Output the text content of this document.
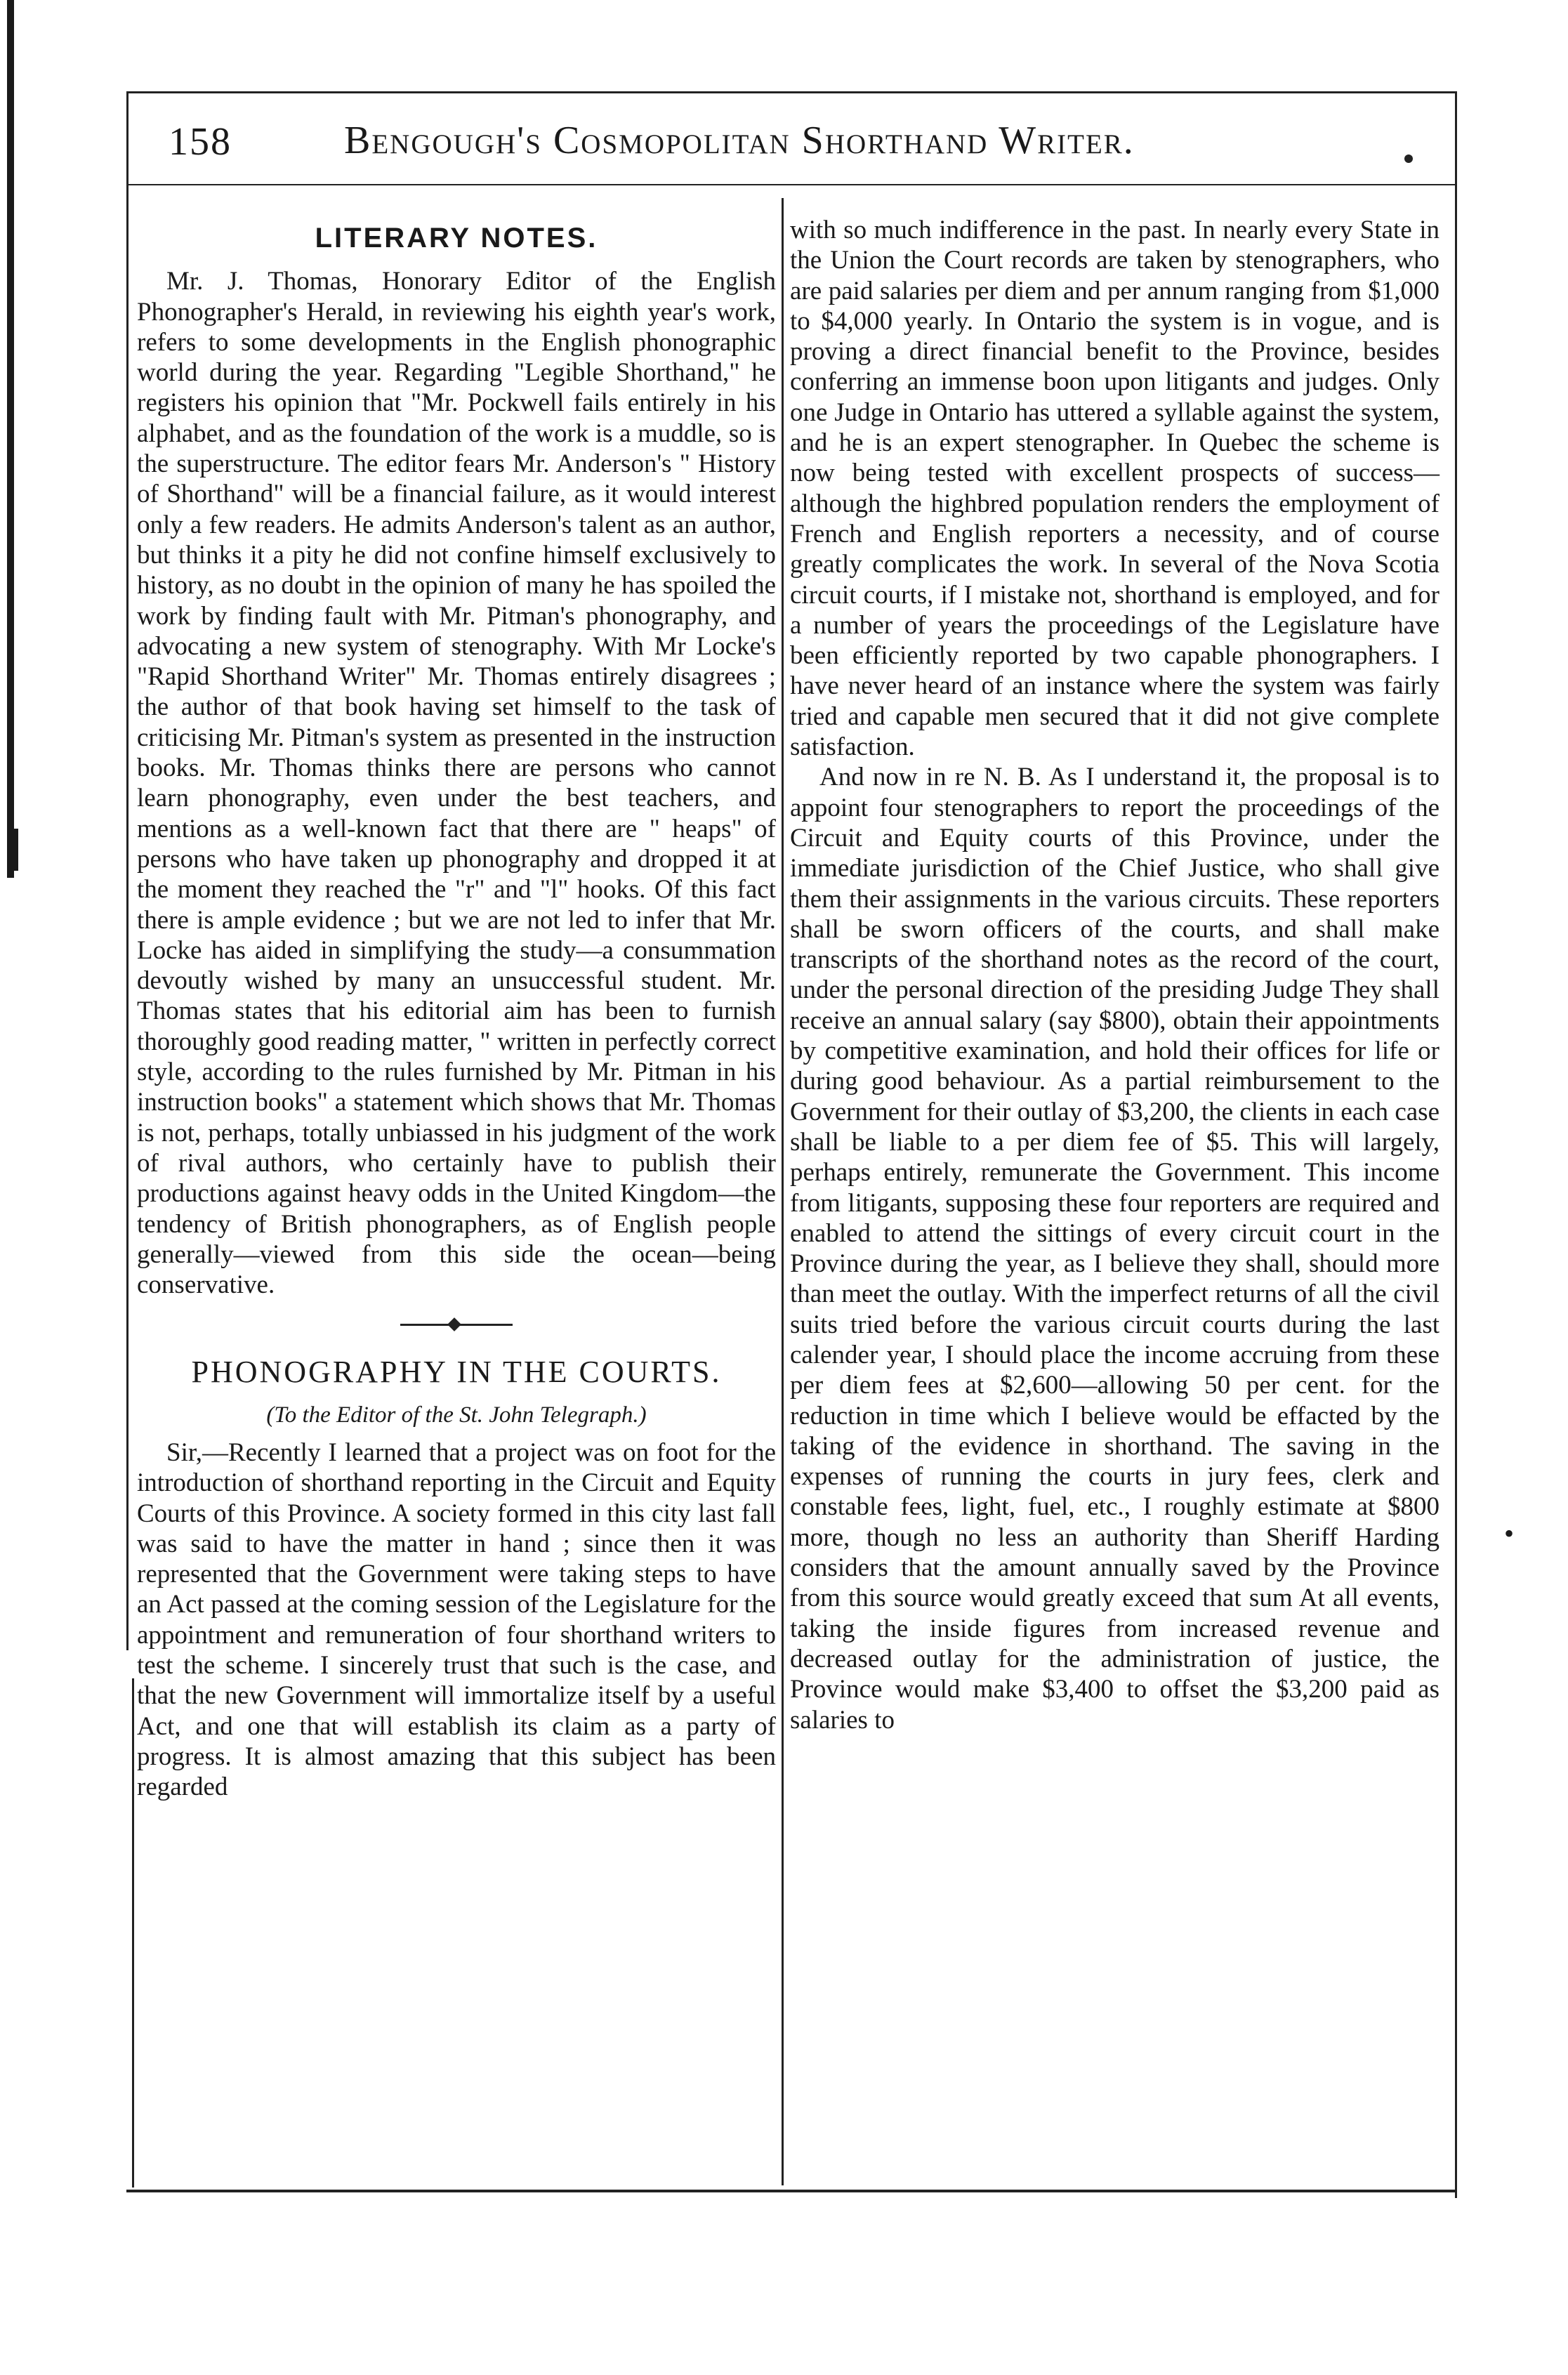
158	Bengough's Cosmopolitan Shorthand Writer.
LITERARY NOTES.

Mr. J. Thomas, Honorary Editor of the English Phonographer's Herald, in reviewing his eighth year's work, refers to some developments in the English phonographic world during the year. Regarding "Legible Shorthand," he registers his opinion that "Mr. Pockwell fails entirely in his alphabet, and as the foundation of the work is a muddle, so is the superstructure. The editor fears Mr. Anderson's " History of Shorthand" will be a financial failure, as it would interest only a few readers. He admits Anderson's talent as an author, but thinks it a pity he did not confine himself exclusively to history, as no doubt in the opinion of many he has spoiled the work by finding fault with Mr. Pitman's phonography, and advocating a new system of stenography. With Mr Locke's "Rapid Shorthand Writer" Mr. Thomas entirely disagrees ; the author of that book having set himself to the task of criticising Mr. Pitman's system as presented in the instruction books. Mr. Thomas thinks there are persons who cannot learn phonography, even under the best teachers, and mentions as a well-known fact that there are " heaps" of persons who have taken up phonography and dropped it at the moment they reached the "r" and "l" hooks. Of this fact there is ample evidence ; but we are not led to infer that Mr. Locke has aided in simplifying the study—a consummation devoutly wished by many an unsuccessful student. Mr. Thomas states that his editorial aim has been to furnish thoroughly good reading matter, " written in perfectly correct style, according to the rules furnished by Mr. Pitman in his instruction books" a statement which shows that Mr. Thomas is not, perhaps, totally unbiassed in his judgment of the work of rival authors, who certainly have to publish their productions against heavy odds in the United Kingdom—the tendency of British phonographers, as of English people generally—viewed from this side the ocean—being conservative.

PHONOGRAPHY IN THE COURTS.
(To the Editor of the St. John Telegraph.)

Sir,—Recently I learned that a project was on foot for the introduction of shorthand reporting in the Circuit and Equity Courts of this Province. A society formed in this city last fall was said to have the matter in hand ; since then it was represented that the Government were taking steps to have an Act passed at the coming session of the Legislature for the appointment and remuneration of four shorthand writers to test the scheme. I sincerely trust that such is the case, and that the new Government will immortalize itself by a useful Act, and one that will establish its claim as a party of progress. It is almost amazing that this subject has been regarded

with so much indifference in the past. In nearly every State in the Union the Court records are taken by stenographers, who are paid salaries per diem and per annum ranging from $1,000 to $4,000 yearly. In Ontario the system is in vogue, and is proving a direct financial benefit to the Province, besides conferring an immense boon upon litigants and judges. Only one Judge in Ontario has uttered a syllable against the system, and he is an expert stenographer. In Quebec the scheme is now being tested with excellent prospects of success—although the highbred population renders the employment of French and English reporters a necessity, and of course greatly complicates the work. In several of the Nova Scotia circuit courts, if I mistake not, shorthand is employed, and for a number of years the proceedings of the Legislature have been efficiently reported by two capable phonographers. I have never heard of an instance where the system was fairly tried and capable men secured that it did not give complete satisfaction.

And now in re N. B. As I understand it, the proposal is to appoint four stenographers to report the proceedings of the Circuit and Equity courts of this Province, under the immediate jurisdiction of the Chief Justice, who shall give them their assignments in the various circuits. These reporters shall be sworn officers of the courts, and shall make transcripts of the shorthand notes as the record of the court, under the personal direction of the presiding Judge They shall receive an annual salary (say $800), obtain their appointments by competitive examination, and hold their offices for life or during good behaviour. As a partial reimbursement to the Government for their outlay of $3,200, the clients in each case shall be liable to a per diem fee of $5. This will largely, perhaps entirely, remunerate the Government. This income from litigants, supposing these four reporters are required and enabled to attend the sittings of every circuit court in the Province during the year, as I believe they shall, should more than meet the outlay. With the imperfect returns of all the civil suits tried before the various circuit courts during the last calender year, I should place the income accruing from these per diem fees at $2,600—allowing 50 per cent. for the reduction in time which I believe would be effacted by the taking of the evidence in shorthand. The saving in the expenses of running the courts in jury fees, clerk and constable fees, light, fuel, etc., I roughly estimate at $800 more, though no less an authority than Sheriff Harding considers that the amount annually saved by the Province from this source would greatly exceed that sum At all events, taking the inside figures from increased revenue and decreased outlay for the administration of justice, the Province would make $3,400 to offset the $3,200 paid as salaries to

•
